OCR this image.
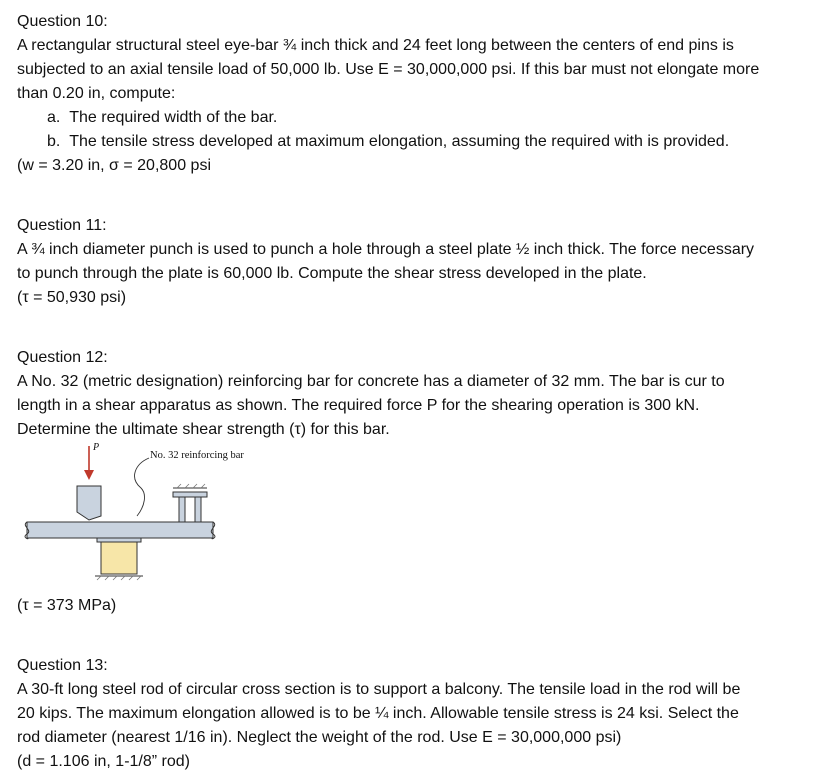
Question 10:
A rectangular structural steel eye-bar ¾ inch thick and 24 feet long between the centers of end pins is
subjected to an axial tensile load of 50,000 lb. Use E = 30,000,000 psi. If this bar must not elongate more
than 0.20 in, compute:
a. The required width of the bar.
b. The tensile stress developed at maximum elongation, assuming the required with is provided.
(w = 3.20 in, σ = 20,800 psi
Question 11:
A ¾ inch diameter punch is used to punch a hole through a steel plate ½ inch thick. The force necessary
to punch through the plate is 60,000 lb. Compute the shear stress developed in the plate.
(τ = 50,930 psi)
Question 12:
A No. 32 (metric designation) reinforcing bar for concrete has a diameter of 32 mm. The bar is cur to
length in a shear apparatus as shown. The required force P for the shearing operation is 300 kN.
Determine the ultimate shear strength (τ) for this bar.
P
No. 32 reinforcing bar
(τ = 373 MPa)
Question 13:
A 30-ft long steel rod of circular cross section is to support a balcony. The tensile load in the rod will be
20 kips. The maximum elongation allowed is to be ¼ inch. Allowable tensile stress is 24 ksi. Select the
rod diameter (nearest 1/16 in). Neglect the weight of the rod. Use E = 30,000,000 psi)
(d = 1.106 in, 1-1/8” rod)
